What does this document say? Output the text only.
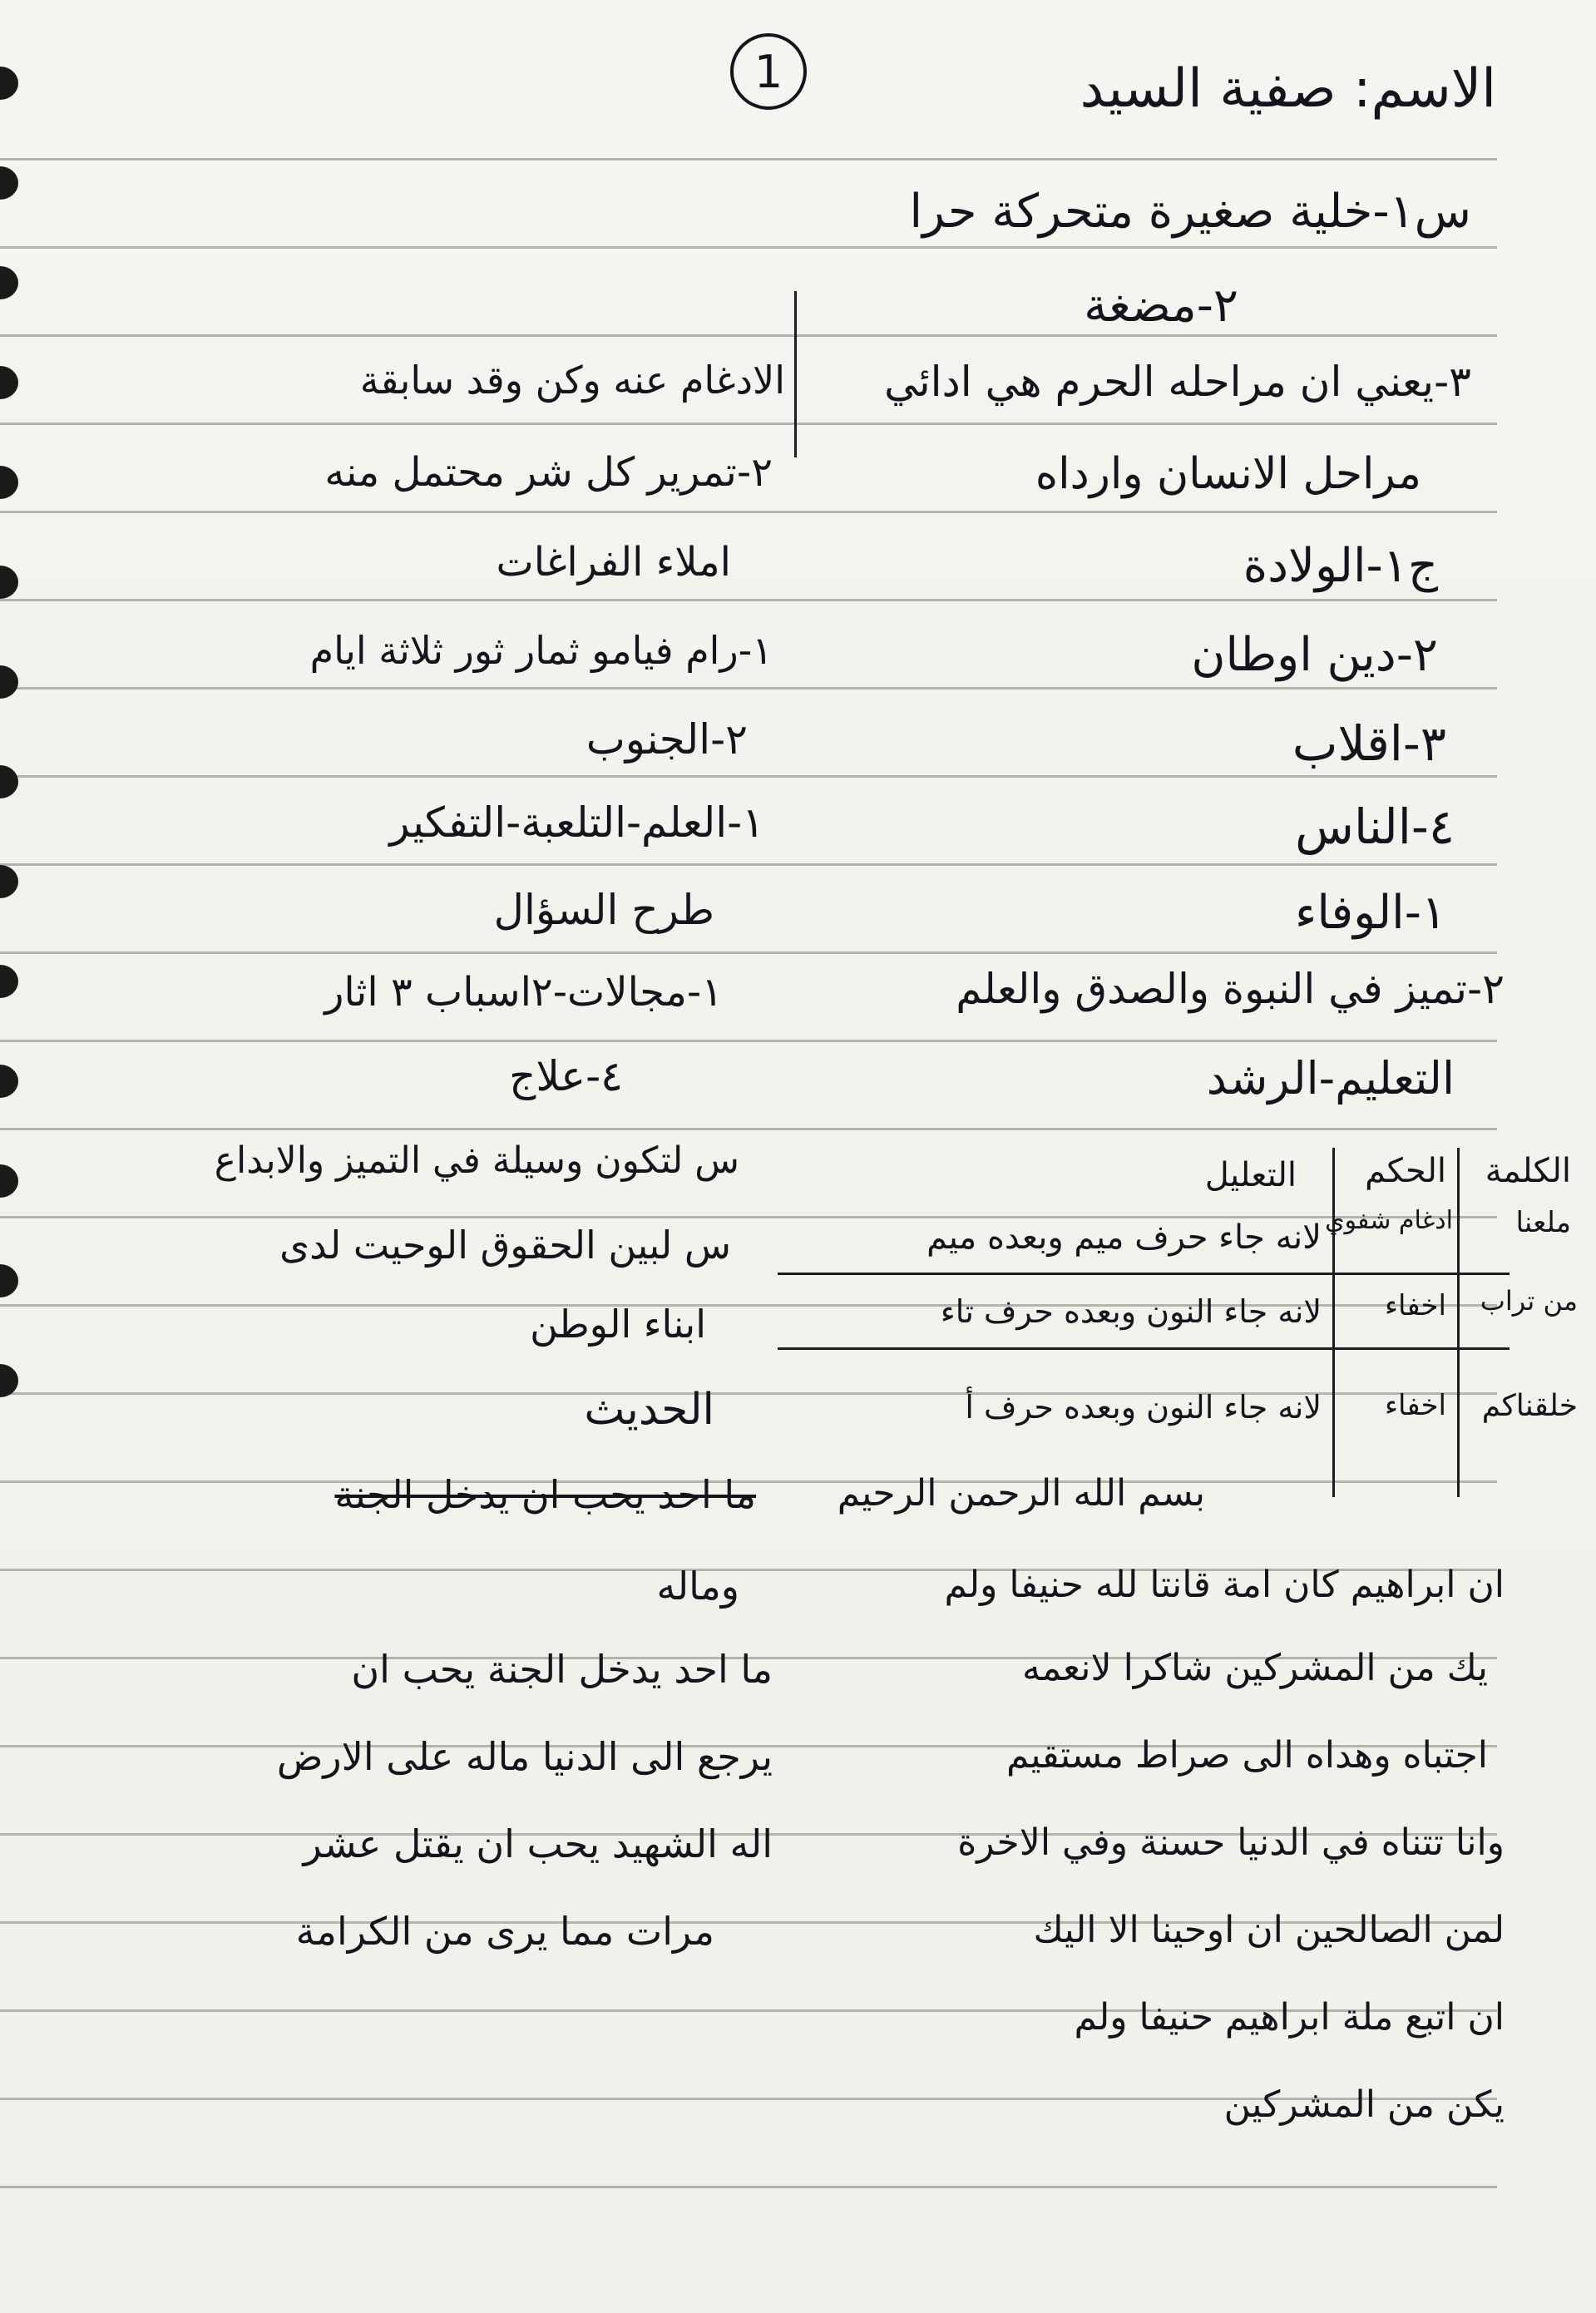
1	الاسم: صفية السيد
س١-خلية صغيرة متحركة حرا
٢-مضغة
٣-يعني ان مراحله الحرم هي ادائي
مراحل الانسان وارداه
ج١-الولادة
٢-دين اوطان
٣-اقلاب
٤-الناس
١-الوفاء
٢-تميز في النبوة والصدق والعلم
التعليم-الرشد
الادغام عنه وكن وقد سابقة
٢-تمرير كل شر محتمل منه
املاء الفراغات
١-رام فيامو ثمار ثور ثلاثة ايام
٢-الجنوب
١-العلم-التلعبة-التفكير
طرح السؤال
١-مجالات-٢اسباب ٣ اثار
٤-علاج
س لتكون وسيلة في التميز والابداع
س لبين الحقوق الوحيت لدى
ابناء الوطن
الحديث
ما احد يحب ان يدخل الجنة
وماله
ما احد يدخل الجنة يحب ان
يرجع الى الدنيا ماله على الارض
اله الشهيد يحب ان يقتل عشر
مرات مما يرى من الكرامة
الكلمة
الحكم
التعليل
ملعنا
ادغام شفوي
لانه جاء حرف ميم وبعده ميم
من تراب
اخفاء
لانه جاء النون وبعده حرف تاء
خلقناكم
اخفاء
لانه جاء النون وبعده حرف أ
بسم الله الرحمن الرحيم
ان ابراهيم كان امة قانتا لله حنيفا ولم
يك من المشركين شاكرا لانعمه
اجتباه وهداه الى صراط مستقيم
وانا تتناه في الدنيا حسنة وفي الاخرة
لمن الصالحين ان اوحينا الا اليك
ان اتبع ملة ابراهيم حنيفا ولم
يكن من المشركين
